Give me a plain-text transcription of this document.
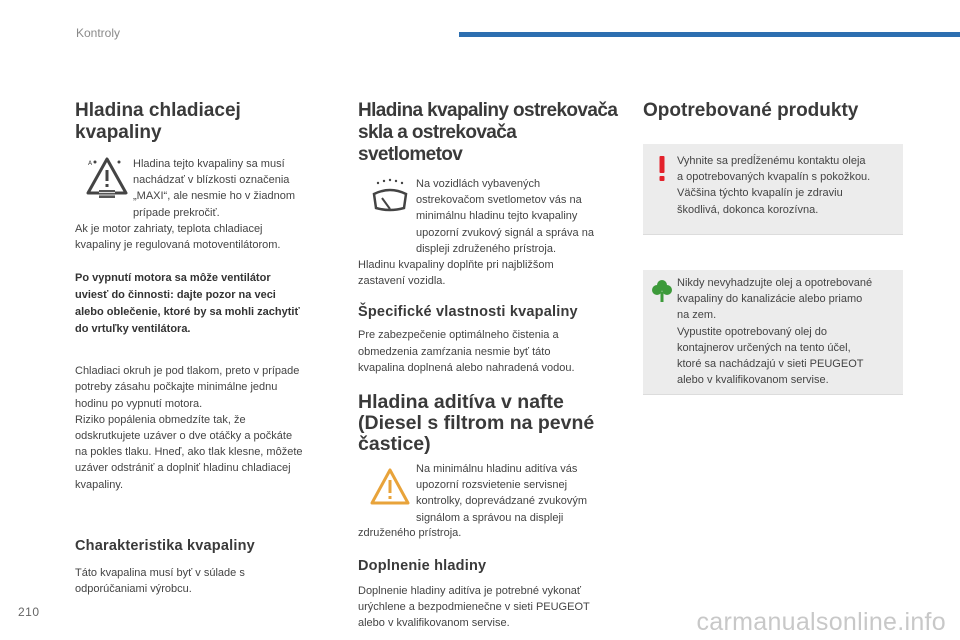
Kontroly
Hladina chladiacej
kvapaliny
A	Hladina tejto kvapaliny sa musí
nachádzať v blízkosti označenia
„MAXI“, ale nesmie ho v žiadnom
prípade prekročiť.

Ak je motor zahriaty, teplota chladiacej
kvapaliny je regulovaná motoventilátorom.

Po vypnutí motora sa môže ventilátor
uviesť do činnosti: dajte pozor na veci
alebo oblečenie, ktoré by sa mohli zachytiť
do vrtuľky ventilátora.

Chladiaci okruh je pod tlakom, preto v prípade
potreby zásahu počkajte minimálne jednu
hodinu po vypnutí motora.
Riziko popálenia obmedzíte tak, že
odskrutkujete uzáver o dve otáčky a počkáte
na pokles tlaku. Hneď, ako tlak klesne, môžete
uzáver odstrániť a doplniť hladinu chladiacej
kvapaliny.

Charakteristika kvapaliny

Táto kvapalina musí byť v súlade s
odporúčaniami výrobcu.

Hladina kvapaliny ostrekovača
skla a ostrekovača svetlometov

Na vozidlách vybavených
ostrekovačom svetlometov vás na
minimálnu hladinu tejto kvapaliny
upozorní zvukový signál a správa na
displeji združeného prístroja.

Hladinu kvapaliny doplňte pri najbližšom
zastavení vozidla.

Špecifické vlastnosti kvapaliny

Pre zabezpečenie optimálneho čistenia a
obmedzenia zamŕzania nesmie byť táto
kvapalina doplnená alebo nahradená vodou.

Hladina aditíva v nafte
(Diesel s filtrom na pevné
častice)

Na minimálnu hladinu aditíva vás
upozorní rozsvietenie servisnej
kontrolky, doprevádzané zvukovým
signálom a správou na displeji

združeného prístroja.

Doplnenie hladiny

Doplnenie hladiny aditíva je potrebné vykonať
urýchlene a bezpodmienečne v sieti PEUGEOT
alebo v kvalifikovanom servise.

Opotrebované produkty

Vyhnite sa predĺženému kontaktu oleja
a opotrebovaných kvapalín s pokožkou.
Väčšina týchto kvapalín je zdraviu
škodlivá, dokonca korozívna.

Nikdy nevyhadzujte olej a opotrebované
kvapaliny do kanalizácie alebo priamo
na zem.
Vypustite opotrebovaný olej do
kontajnerov určených na tento účel,
ktoré sa nachádzajú v sieti PEUGEOT
alebo v kvalifikovanom servise.

210	carmanualsonline.info
